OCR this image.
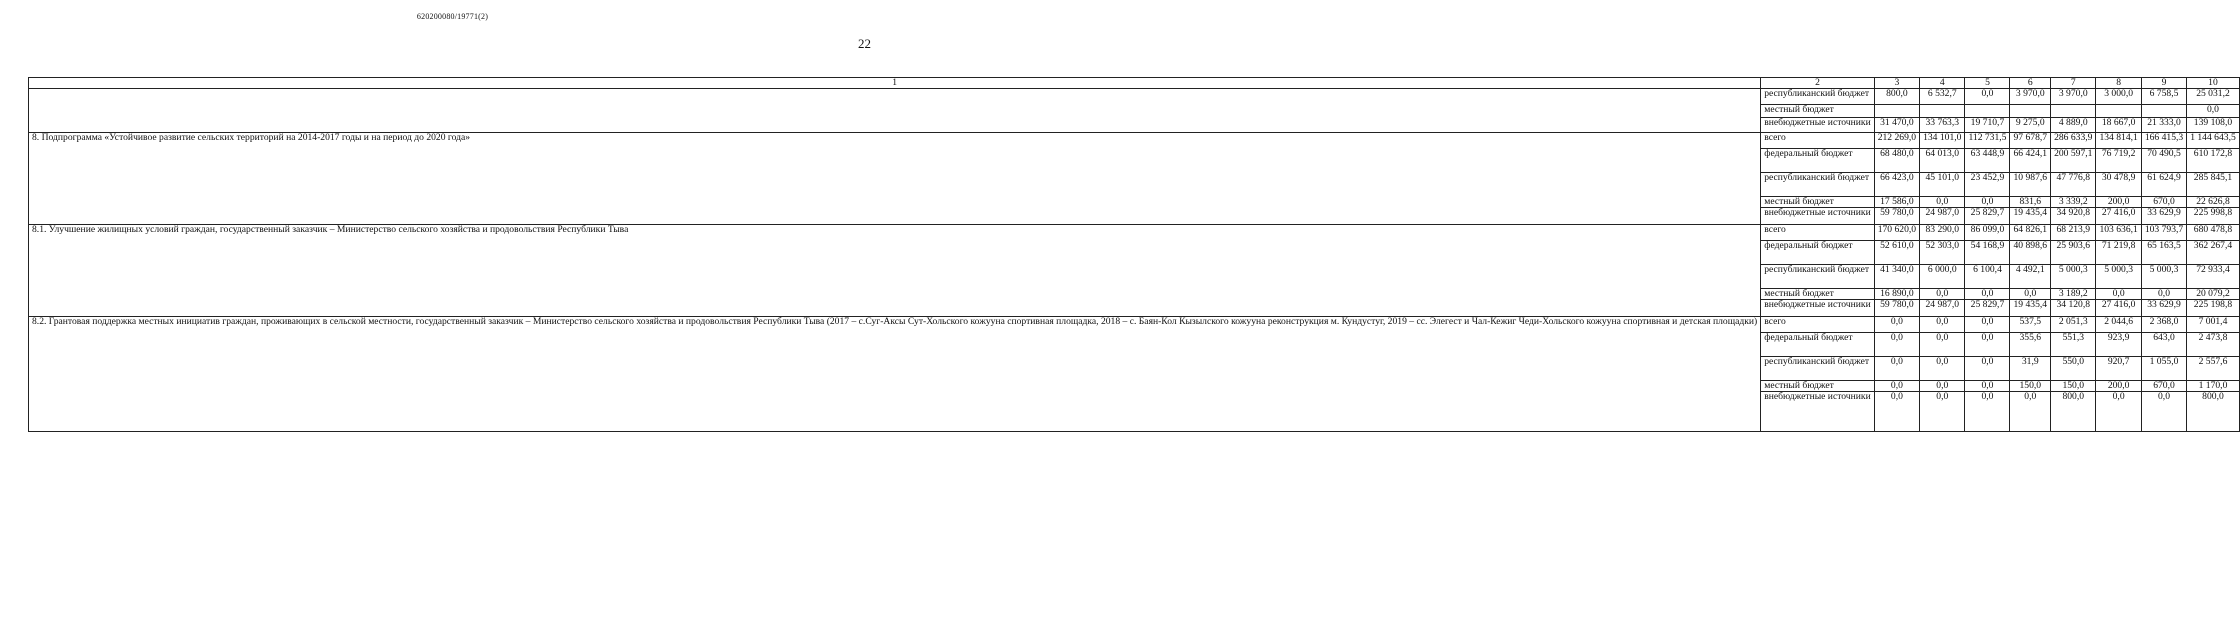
620200080/19771(2)
22
1	2	3	4	5	6	7	8	9	10
	республиканский бюджет	800,0	6 532,7	0,0	3 970,0	3 970,0	3 000,0	6 758,5	25 031,2
	местный бюджет								0,0
	внебюджетные источники	31 470,0	33 763,3	19 710,7	9 275,0	4 889,0	18 667,0	21 333,0	139 108,0
8. Подпрограмма «Устойчивое развитие сельских территорий на 2014-2017 годы и на период до 2020 года»	всего	212 269,0	134 101,0	112 731,5	97 678,7	286 633,9	134 814,1	166 415,3	1 144 643,5
	федеральный бюджет	68 480,0	64 013,0	63 448,9	66 424,1	200 597,1	76 719,2	70 490,5	610 172,8
	республиканский бюджет	66 423,0	45 101,0	23 452,9	10 987,6	47 776,8	30 478,9	61 624,9	285 845,1
	местный бюджет	17 586,0	0,0	0,0	831,6	3 339,2	200,0	670,0	22 626,8
	внебюджетные источники	59 780,0	24 987,0	25 829,7	19 435,4	34 920,8	27 416,0	33 629,9	225 998,8
8.1. Улучшение жилищных условий граждан, государственный заказчик – Министерство сельского хозяйства и продовольствия Республики Тыва	всего	170 620,0	83 290,0	86 099,0	64 826,1	68 213,9	103 636,1	103 793,7	680 478,8
	федеральный бюджет	52 610,0	52 303,0	54 168,9	40 898,6	25 903,6	71 219,8	65 163,5	362 267,4
	республиканский бюджет	41 340,0	6 000,0	6 100,4	4 492,1	5 000,3	5 000,3	5 000,3	72 933,4
	местный бюджет	16 890,0	0,0	0,0	0,0	3 189,2	0,0	0,0	20 079,2
	внебюджетные источники	59 780,0	24 987,0	25 829,7	19 435,4	34 120,8	27 416,0	33 629,9	225 198,8
8.2. Грантовая поддержка местных инициатив граждан, проживающих в сельской местности, государственный заказчик – Министерство сельского хозяйства и продовольствия Республики Тыва (2017 – с.Суг-Аксы Сут-Хольского кожууна спортивная площадка, 2018 – с. Баян-Кол Кызылского кожууна реконструкция м. Кундустуг, 2019 – сс. Элегест и Чал-Кежиг Чеди-Хольского кожууна спортивная и детская площадки)	всего	0,0	0,0	0,0	537,5	2 051,3	2 044,6	2 368,0	7 001,4
	федеральный бюджет	0,0	0,0	0,0	355,6	551,3	923,9	643,0	2 473,8
	республиканский бюджет	0,0	0,0	0,0	31,9	550,0	920,7	1 055,0	2 557,6
	местный бюджет	0,0	0,0	0,0	150,0	150,0	200,0	670,0	1 170,0
	внебюджетные источники	0,0	0,0	0,0	0,0	800,0	0,0	0,0	800,0
